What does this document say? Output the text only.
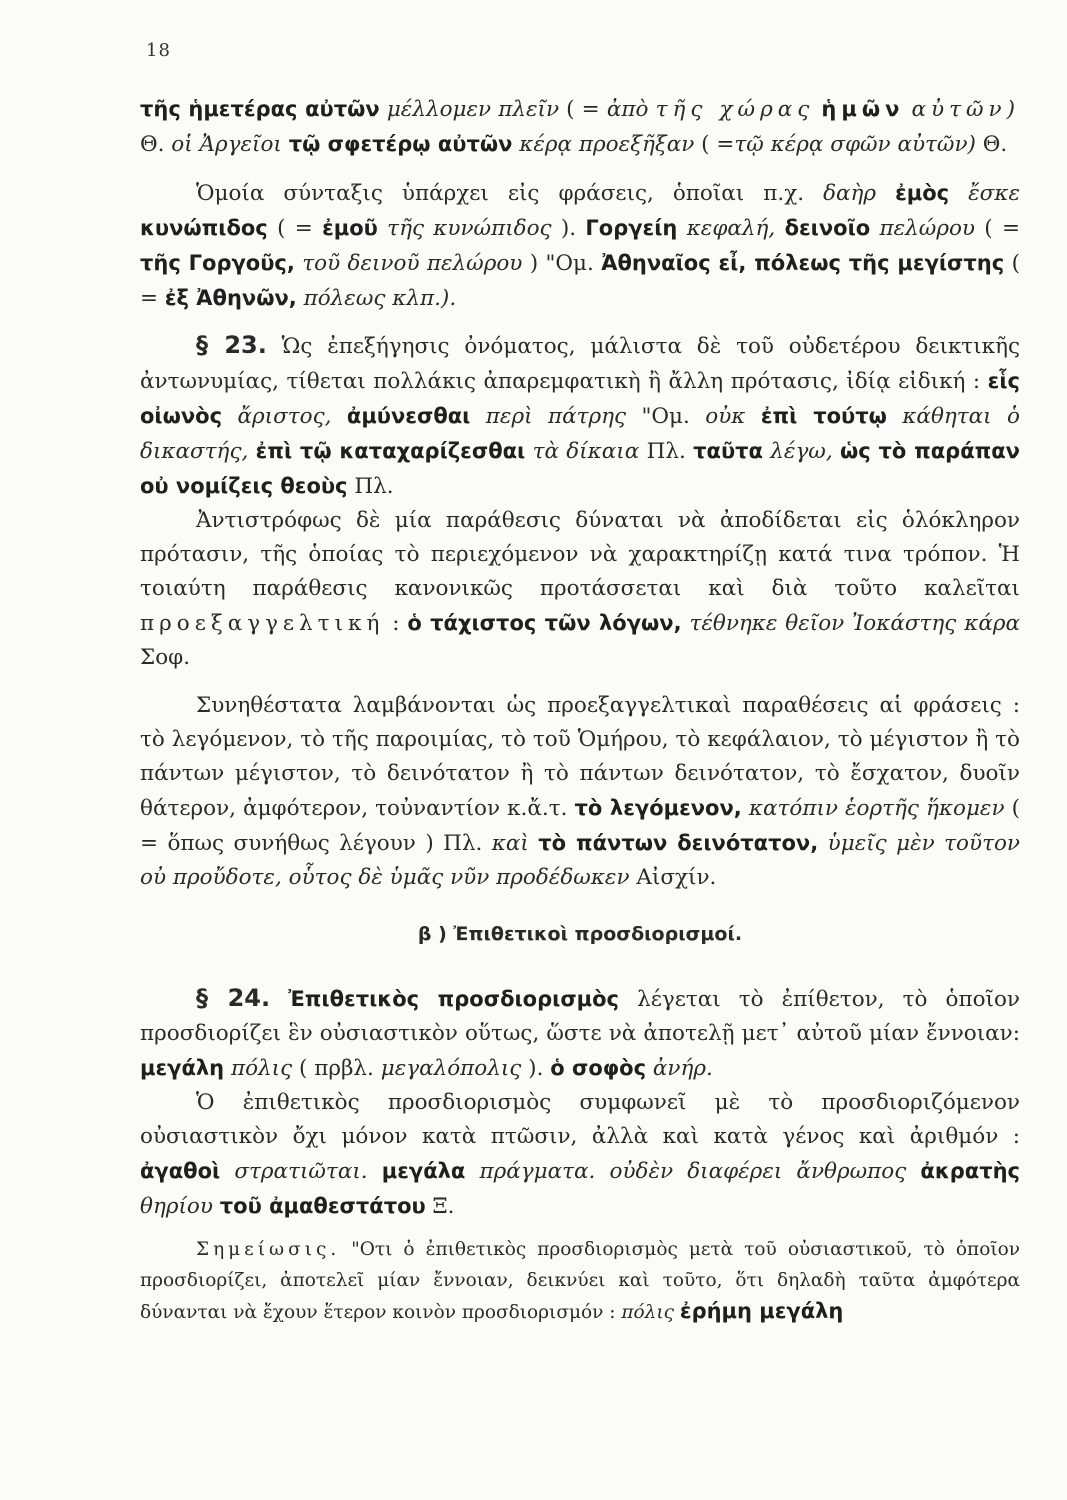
18

τῆς ἡμετέρας αὐτῶν μέλλομεν πλεῖν ( = ἀπὸ τῆς χώρας ἡμῶν αὐτῶν) Θ. οἱ Ἀργεῖοι τῷ σφετέρῳ αὐτῶν κέρᾳ προεξῆξαν ( =τῷ κέρᾳ σφῶν αὐτῶν) Θ.

Ὁμοία σύνταξις ὑπάρχει εἰς φράσεις, ὁποῖαι π.χ. δαὴρ ἐμὸς ἔσκε κυνώπιδος ( = ἐμοῦ τῆς κυνώπιδος ). Γοργείη κεφαλή, δεινοῖο πελώρου ( = τῆς Γοργοῦς, τοῦ δεινοῦ πελώρου ) "Ομ. Ἀθηναῖος εἶ, πόλεως τῆς μεγίστης ( = ἐξ Ἀθηνῶν, πόλεως κλπ.).

§ 23. Ὡς ἐπεξήγησις ὀνόματος, μάλιστα δὲ τοῦ οὐδετέρου δεικτικῆς ἀντωνυμίας, τίθεται πολλάκις ἀπαρεμφατικὴ ἢ ἄλλη πρότασις, ἰδίᾳ εἰδική : εἷς οἰωνὸς ἄριστος, ἀμύνεσθαι περὶ πάτρης "Ομ. οὐκ ἐπὶ τούτῳ κάθηται ὁ δικαστής, ἐπὶ τῷ καταχαρίζεσθαι τὰ δίκαια Πλ. ταῦτα λέγω, ὡς τὸ παράπαν οὐ νομίζεις θεοὺς Πλ.

Ἀντιστρόφως δὲ μία παράθεσις δύναται νὰ ἀποδίδεται εἰς ὁλόκληρον πρότασιν, τῆς ὁποίας τὸ περιεχόμενον νὰ χαρακτηρίζῃ κατά τινα τρόπον. Ἡ τοιαύτη παράθεσις κανονικῶς προτάσσεται καὶ διὰ τοῦτο καλεῖται προεξαγγελτική : ὁ τάχιστος τῶν λόγων, τέθνηκε θεῖον Ἰοκάστης κάρα Σοφ.

Συνηθέστατα λαμβάνονται ὡς προεξαγγελτικαὶ παραθέσεις αἱ φράσεις : τὸ λεγόμενον, τὸ τῆς παροιμίας, τὸ τοῦ Ὁμήρου, τὸ κεφάλαιον, τὸ μέγιστον ἢ τὸ πάντων μέγιστον, τὸ δεινότατον ἢ τὸ πάντων δεινότατον, τὸ ἔσχατον, δυοῖν θάτερον, ἀμφότερον, τοὐναντίον κ.ἄ.τ. τὸ λεγόμενον, κατόπιν ἑορτῆς ἥκομεν ( = ὅπως συνήθως λέγουν ) Πλ. καὶ τὸ πάντων δεινότατον, ὑμεῖς μὲν τοῦτον οὐ προὔδοτε, οὗτος δὲ ὑμᾶς νῦν προδέδωκεν Αἰσχίν.

β ) Ἐπιθετικοὶ προσδιορισμοί.

§ 24. Ἐπιθετικὸς προσδιορισμὸς λέγεται τὸ ἐπίθετον, τὸ ὁποῖον προσδιορίζει ἓν οὐσιαστικὸν οὕτως, ὥστε νὰ ἀποτελῇ μετ᾽ αὐτοῦ μίαν ἔννοιαν: μεγάλη πόλις ( πρβλ. μεγαλόπολις ). ὁ σοφὸς ἀνήρ.

Ὁ ἐπιθετικὸς προσδιορισμὸς συμφωνεῖ μὲ τὸ προσδιοριζόμενον οὐσιαστικὸν ὄχι μόνον κατὰ πτῶσιν, ἀλλὰ καὶ κατὰ γένος καὶ ἀριθμόν : ἀγαθοὶ στρατιῶται. μεγάλα πράγματα. οὐδὲν διαφέρει ἄνθρωπος ἀκρατὴς θηρίου τοῦ ἀμαθεστάτου Ξ.

Σημείωσις. "Οτι ὁ ἐπιθετικὸς προσδιορισμὸς μετὰ τοῦ οὐσιαστικοῦ, τὸ ὁποῖον προσδιορίζει, ἀποτελεῖ μίαν ἔννοιαν, δεικνύει καὶ τοῦτο, ὅτι δηλαδὴ ταῦτα ἀμφότερα δύνανται νὰ ἔχουν ἕτερον κοινὸν προσδιορισμόν : πόλις ἐρήμη μεγάλη
